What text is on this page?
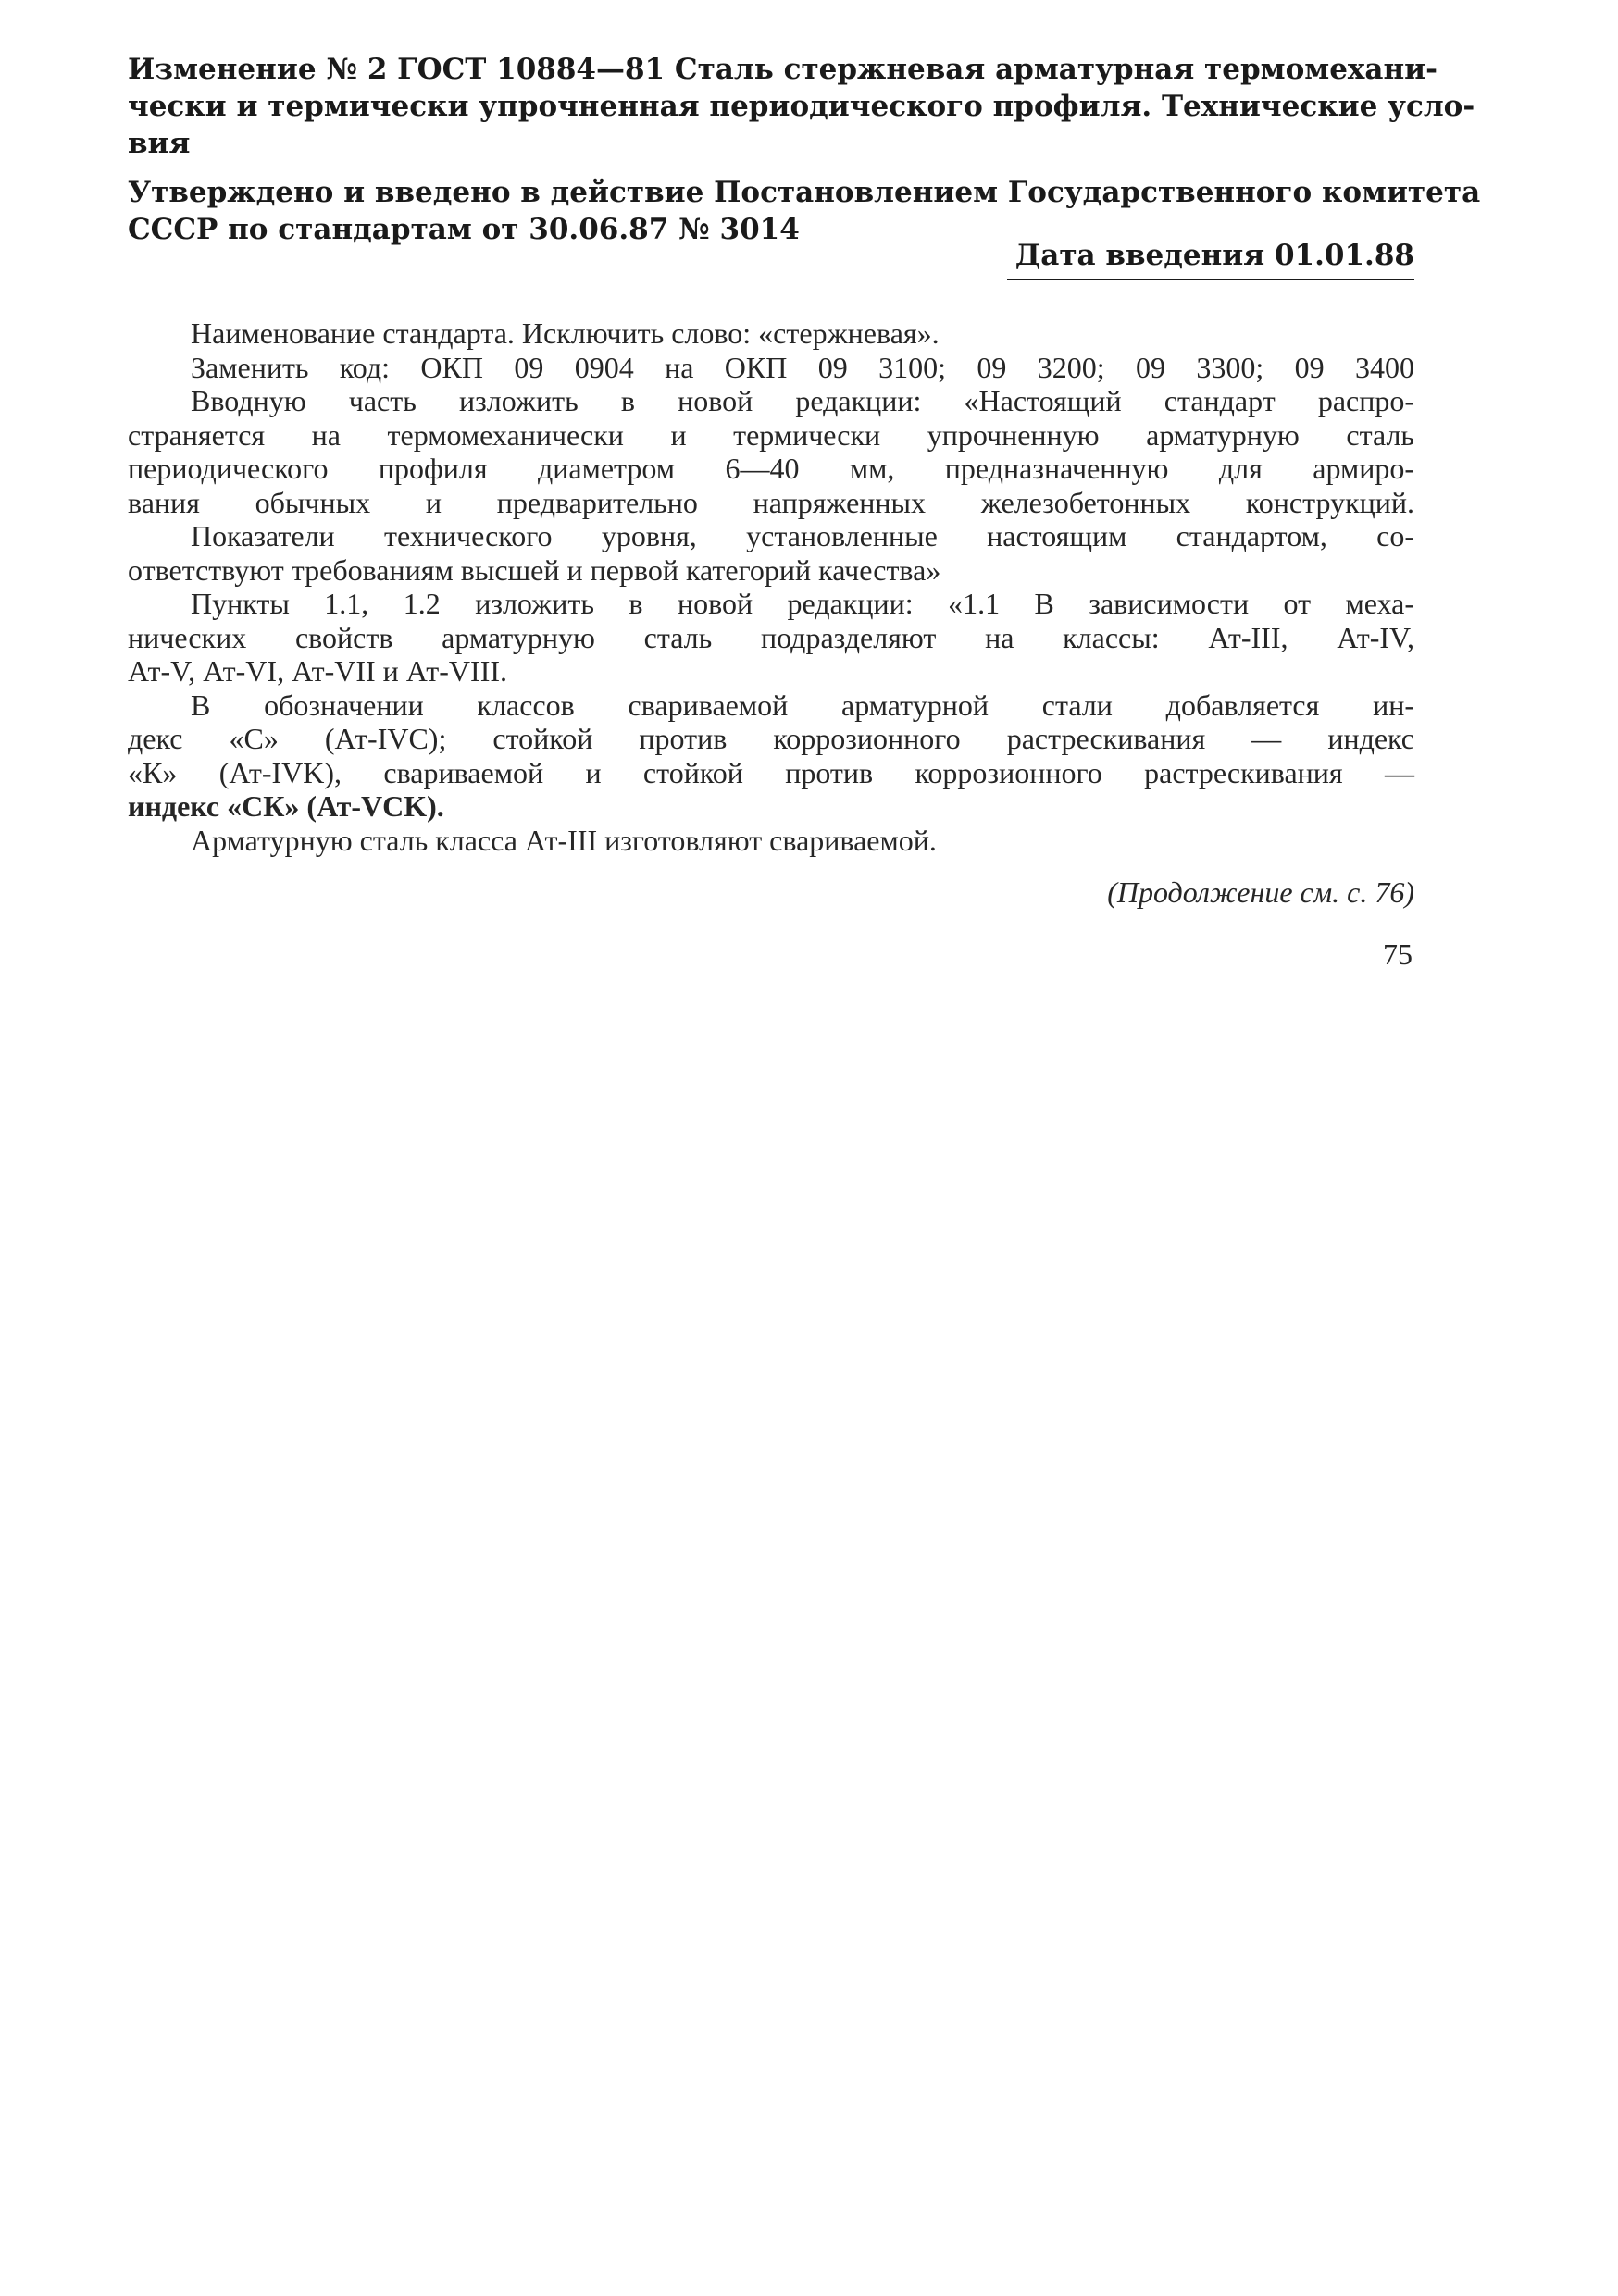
Изменение № 2 ГОСТ 10884—81 Сталь стержневая арматурная термомехани-
чески и термически упрочненная периодического профиля. Технические усло-
вия
Утверждено и введено в действие Постановлением Государственного комитета
СССР по стандартам от 30.06.87 № 3014
Дата введения 01.01.88
Наименование стандарта. Исключить слово: «стержневая».
Заменить код: ОКП 09 0904 на ОКП 09 3100; 09 3200; 09 3300; 09 3400
Вводную часть изложить в новой редакции: «Настоящий стандарт распро-
страняется на термомеханически и термически упрочненную арматурную сталь
периодического профиля диаметром 6—40 мм, предназначенную для армиро-
вания обычных и предварительно напряженных железобетонных конструкций.
Показатели технического уровня, установленные настоящим стандартом, со-
ответствуют требованиям высшей и первой категорий качества»
Пункты 1.1, 1.2 изложить в новой редакции: «1.1 В зависимости от меха-
нических свойств арматурную сталь подразделяют на классы: Ат-III, Ат-IV,
Ат-V, Ат-VI, Ат-VII и Ат-VIII.
В обозначении классов свариваемой арматурной стали добавляется ин-
декс «С» (Ат-IVC); стойкой против коррозионного растрескивания — индекс
«К» (Ат-IVK), свариваемой и стойкой против коррозионного растрескивания —
индекс «СК» (Ат-VCK).
Арматурную сталь класса Ат-III изготовляют свариваемой.
(Продолжение см. с. 76)
75
